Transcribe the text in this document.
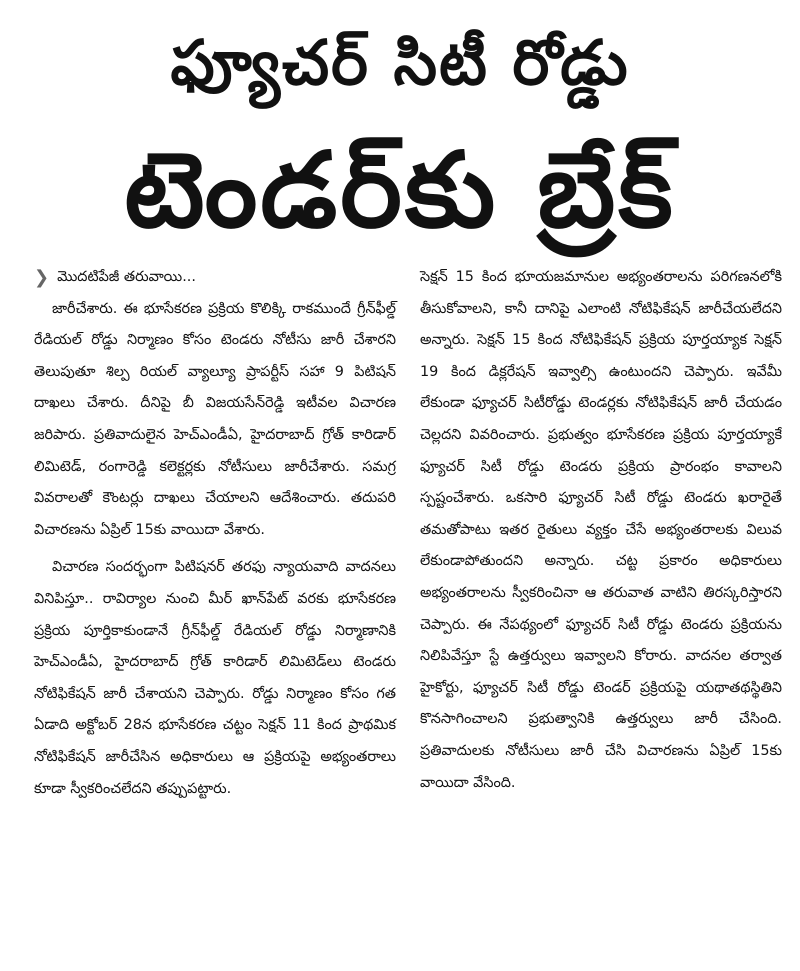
ఫ్యూచర్ సిటీ రోడ్డు
టెండర్‌కు బ్రేక్
❯ మొదటిపేజీ తరువాయి...

జారీచేశారు. ఈ భూసేకరణ ప్రక్రియ కొలిక్కి రాకముందే గ్రీన్‌ఫీల్డ్ రేడియల్ రోడ్డు నిర్మాణం కోసం టెండరు నోటీసు జారీ చేశారని తెలుపుతూ శిల్ప రియల్ వ్యాల్యూ ప్రాపర్టీస్ సహా 9 పిటిషన్ దాఖలు చేశారు. దీనిపై బీ విజయసేన్‌రెడ్డి ఇటీవల విచారణ జరిపారు. ప్రతివాదులైన హెచ్‌ఎండీఏ, హైదరాబాద్ గ్రోత్ కారిడార్ లిమిటెడ్, రంగారెడ్డి కలెక్టర్లకు నోటీసులు జారీచేశారు. సమగ్ర వివరాలతో కౌంటర్లు దాఖలు చేయాలని ఆదేశించారు. తదుపరి విచారణను ఏప్రిల్ 15కు వాయిదా వేశారు.

విచారణ సందర్భంగా పిటిషనర్ తరఫు న్యాయవాది వాదనలు వినిపిస్తూ.. రావిర్యాల నుంచి మీర్ ఖాన్‌పేట్ వరకు భూసేకరణ ప్రక్రియ పూర్తికాకుండానే గ్రీన్‌ఫీల్డ్ రేడియల్ రోడ్డు నిర్మాణానికి హెచ్‌ఎండీఏ, హైదరాబాద్ గ్రోత్ కారిడార్ లిమిటెడ్‌లు టెండరు నోటిఫికేషన్ జారీ చేశాయని చెప్పారు. రోడ్డు నిర్మాణం కోసం గత ఏడాది అక్టోబర్ 28న భూసేకరణ చట్టం సెక్షన్ 11 కింద ప్రాథమిక నోటిఫికేషన్ జారీచేసిన అధికారులు ఆ ప్రక్రియపై అభ్యంతరాలు కూడా స్వీకరించలేదని తప్పుపట్టారు.

సెక్షన్ 15 కింద భూయజమానుల అభ్యంతరాలను పరిగణనలోకి తీసుకోవాలని, కానీ దానిపై ఎలాంటి నోటిఫికేషన్ జారీచేయలేదని అన్నారు. సెక్షన్ 15 కింద నోటిఫికేషన్ ప్రక్రియ పూర్తయ్యాక సెక్షన్ 19 కింద డిక్లరేషన్ ఇవ్వాల్సి ఉంటుందని చెప్పారు. ఇవేమీ లేకుండా ఫ్యూచర్ సిటీరోడ్డు టెండర్లకు నోటిఫికేషన్ జారీ చేయడం చెల్లదని వివరించారు. ప్రభుత్వం భూసేకరణ ప్రక్రియ పూర్తయ్యాకే ఫ్యూచర్ సిటీ రోడ్డు టెండరు ప్రక్రియ ప్రారంభం కావాలని స్పష్టంచేశారు. ఒకసారి ఫ్యూచర్ సిటీ రోడ్డు టెండరు ఖరారైతే తమతోపాటు ఇతర రైతులు వ్యక్తం చేసే అభ్యంతరాలకు విలువ లేకుండాపోతుందని అన్నారు. చట్ట ప్రకారం అధికారులు అభ్యంతరాలను స్వీకరించినా ఆ తరువాత వాటిని తిరస్కరిస్తారని చెప్పారు. ఈ నేపథ్యంలో ఫ్యూచర్ సిటీ రోడ్డు టెండరు ప్రక్రియను నిలిపివేస్తూ స్టే ఉత్తర్వులు ఇవ్వాలని కోరారు. వాదనల తర్వాత హైకోర్టు, ఫ్యూచర్ సిటీ రోడ్డు టెండర్ ప్రక్రియపై యథాతథస్థితిని కొనసాగించాలని ప్రభుత్వానికి ఉత్తర్వులు జారీ చేసింది. ప్రతివాదులకు నోటీసులు జారీ చేసి విచారణను ఏప్రిల్ 15కు వాయిదా వేసింది.
